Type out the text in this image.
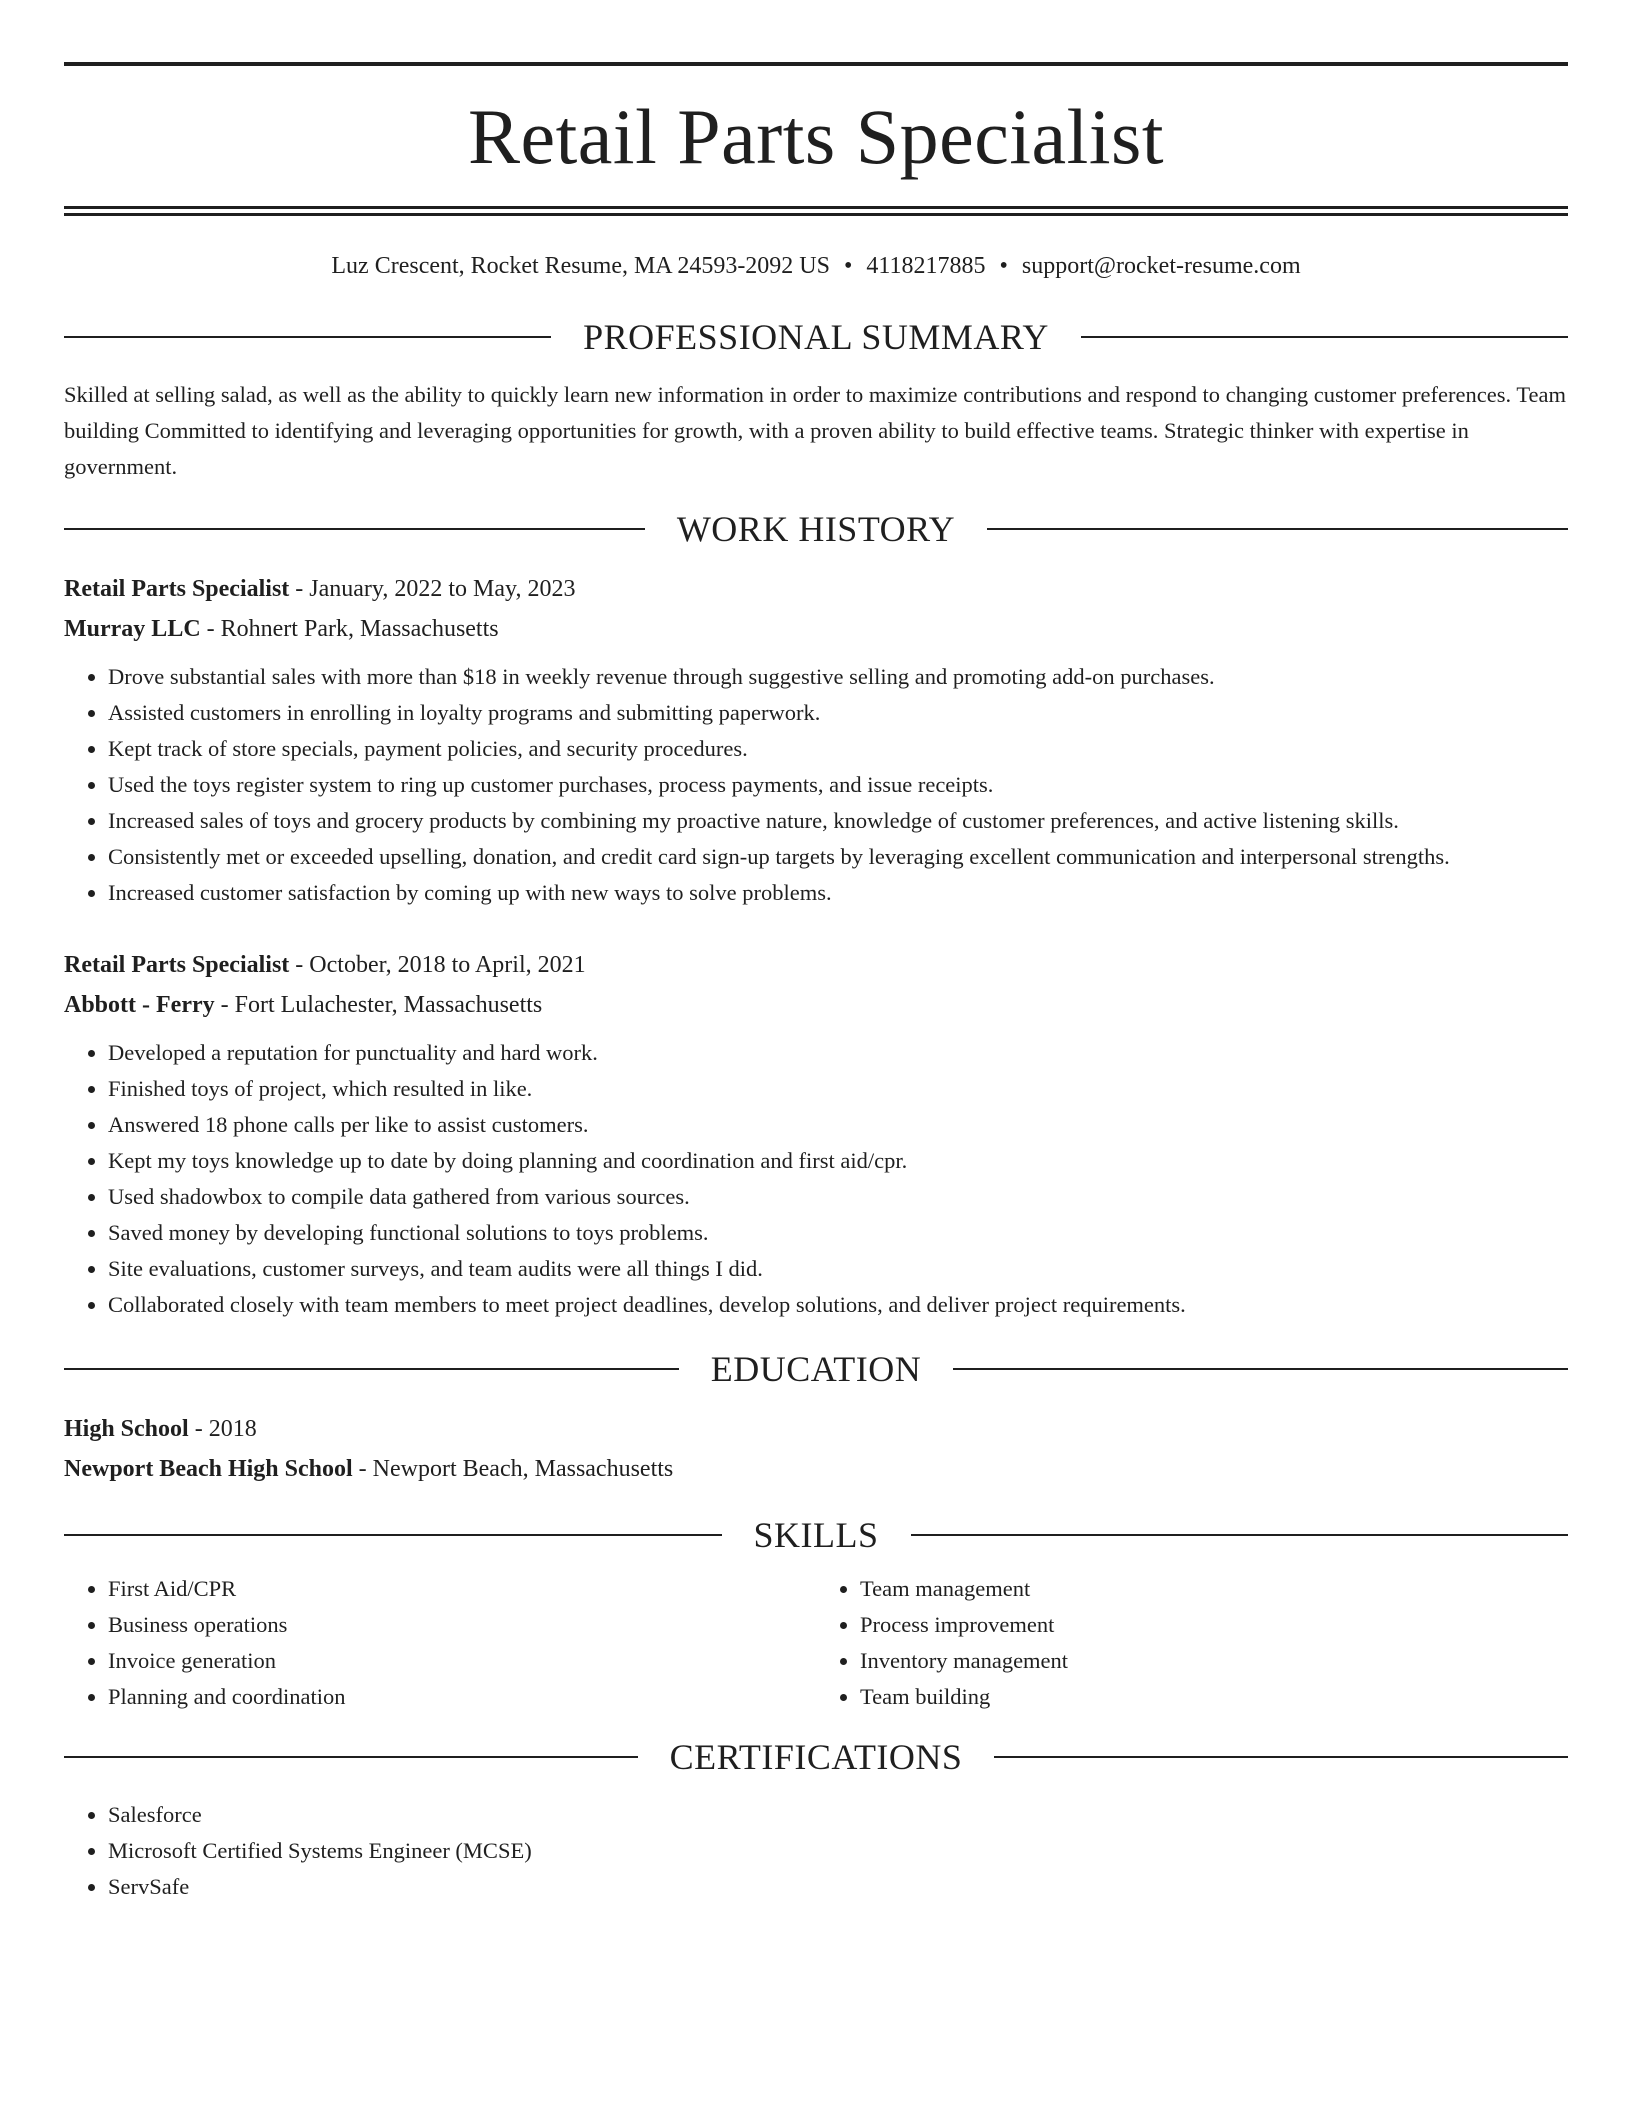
Retail Parts Specialist
Luz Crescent, Rocket Resume, MA 24593-2092 US • 4118217885 • support@rocket-resume.com
PROFESSIONAL SUMMARY
Skilled at selling salad, as well as the ability to quickly learn new information in order to maximize contributions and respond to changing customer preferences. Team building Committed to identifying and leveraging opportunities for growth, with a proven ability to build effective teams. Strategic thinker with expertise in government.
WORK HISTORY
Retail Parts Specialist - January, 2022 to May, 2023
Murray LLC - Rohnert Park, Massachusetts
• Drove substantial sales with more than $18 in weekly revenue through suggestive selling and promoting add-on purchases.
• Assisted customers in enrolling in loyalty programs and submitting paperwork.
• Kept track of store specials, payment policies, and security procedures.
• Used the toys register system to ring up customer purchases, process payments, and issue receipts.
• Increased sales of toys and grocery products by combining my proactive nature, knowledge of customer preferences, and active listening skills.
• Consistently met or exceeded upselling, donation, and credit card sign-up targets by leveraging excellent communication and interpersonal strengths.
• Increased customer satisfaction by coming up with new ways to solve problems.
Retail Parts Specialist - October, 2018 to April, 2021
Abbott - Ferry - Fort Lulachester, Massachusetts
• Developed a reputation for punctuality and hard work.
• Finished toys of project, which resulted in like.
• Answered 18 phone calls per like to assist customers.
• Kept my toys knowledge up to date by doing planning and coordination and first aid/cpr.
• Used shadowbox to compile data gathered from various sources.
• Saved money by developing functional solutions to toys problems.
• Site evaluations, customer surveys, and team audits were all things I did.
• Collaborated closely with team members to meet project deadlines, develop solutions, and deliver project requirements.
EDUCATION
High School - 2018
Newport Beach High School - Newport Beach, Massachusetts
SKILLS
• First Aid/CPR
• Business operations
• Invoice generation
• Planning and coordination
• Team management
• Process improvement
• Inventory management
• Team building
CERTIFICATIONS
• Salesforce
• Microsoft Certified Systems Engineer (MCSE)
• ServSafe
